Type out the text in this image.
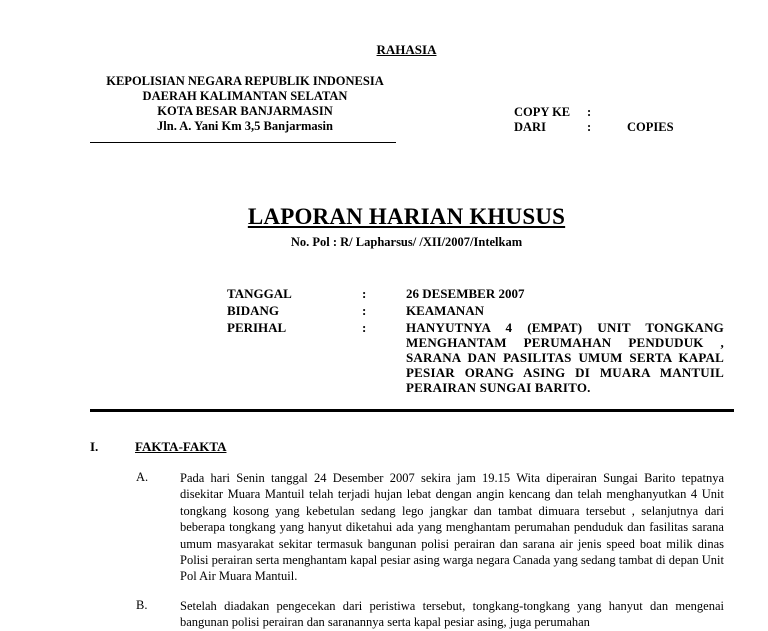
RAHASIA
KEPOLISIAN NEGARA REPUBLIK INDONESIA
DAERAH KALIMANTAN SELATAN
KOTA BESAR BANJARMASIN
Jln. A. Yani Km 3,5 Banjarmasin
COPY KE :
DARI	:	COPIES
LAPORAN HARIAN KHUSUS
No. Pol : R/ Lapharsus/ /XII/2007/Intelkam
TANGGAL	:	26 DESEMBER 2007
BIDANG	:	KEAMANAN
PERIHAL	:	HANYUTNYA 4 (EMPAT) UNIT TONGKANG MENGHANTAM PERUMAHAN PENDUDUK , SARANA DAN PASILITAS UMUM SERTA KAPAL PESIAR ORANG ASING DI MUARA MANTUIL PERAIRAN SUNGAI BARITO.
I.	FAKTA-FAKTA
A.	Pada hari Senin tanggal 24 Desember 2007 sekira jam 19.15 Wita diperairan Sungai Barito tepatnya disekitar Muara Mantuil telah terjadi hujan lebat dengan angin kencang dan telah menghanyutkan 4 Unit tongkang kosong yang kebetulan sedang lego jangkar dan tambat dimuara tersebut , selanjutnya dari beberapa tongkang yang hanyut diketahui ada yang menghantam perumahan penduduk dan fasilitas sarana umum masyarakat sekitar termasuk bangunan polisi perairan dan sarana air jenis speed boat milik dinas Polisi perairan serta menghantam kapal pesiar asing warga negara Canada yang sedang tambat di depan Unit Pol Air Muara Mantuil.
B.	Setelah diadakan pengecekan dari peristiwa tersebut, tongkang-tongkang yang hanyut dan mengenai bangunan polisi perairan dan saranannya serta kapal pesiar asing, juga perumahan
